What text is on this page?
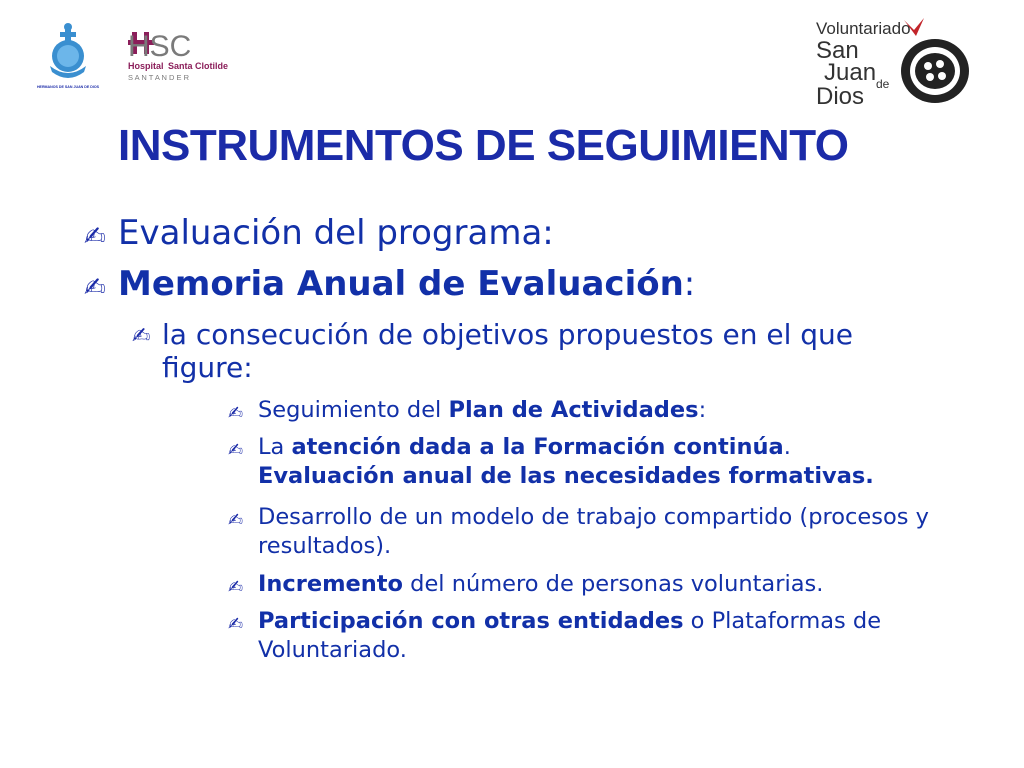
HERMANOS DE SAN JUAN DE DIOS
HSC
Hospital Santa Clotilde
S A N T A N D E R
Voluntariado
San
Juan de
Dios
INSTRUMENTOS DE SEGUIMIENTO
✍ Evaluación del programa:
✍ Memoria Anual de Evaluación:
✍ la consecución de objetivos propuestos en el que figure:
✍ Seguimiento del Plan de Actividades:
✍ La atención dada a la Formación continúa.
Evaluación anual de las necesidades formativas.
✍ Desarrollo de un modelo de trabajo compartido (procesos y resultados).
✍ Incremento del número de personas voluntarias.
✍ Participación con otras entidades o Plataformas de Voluntariado.
